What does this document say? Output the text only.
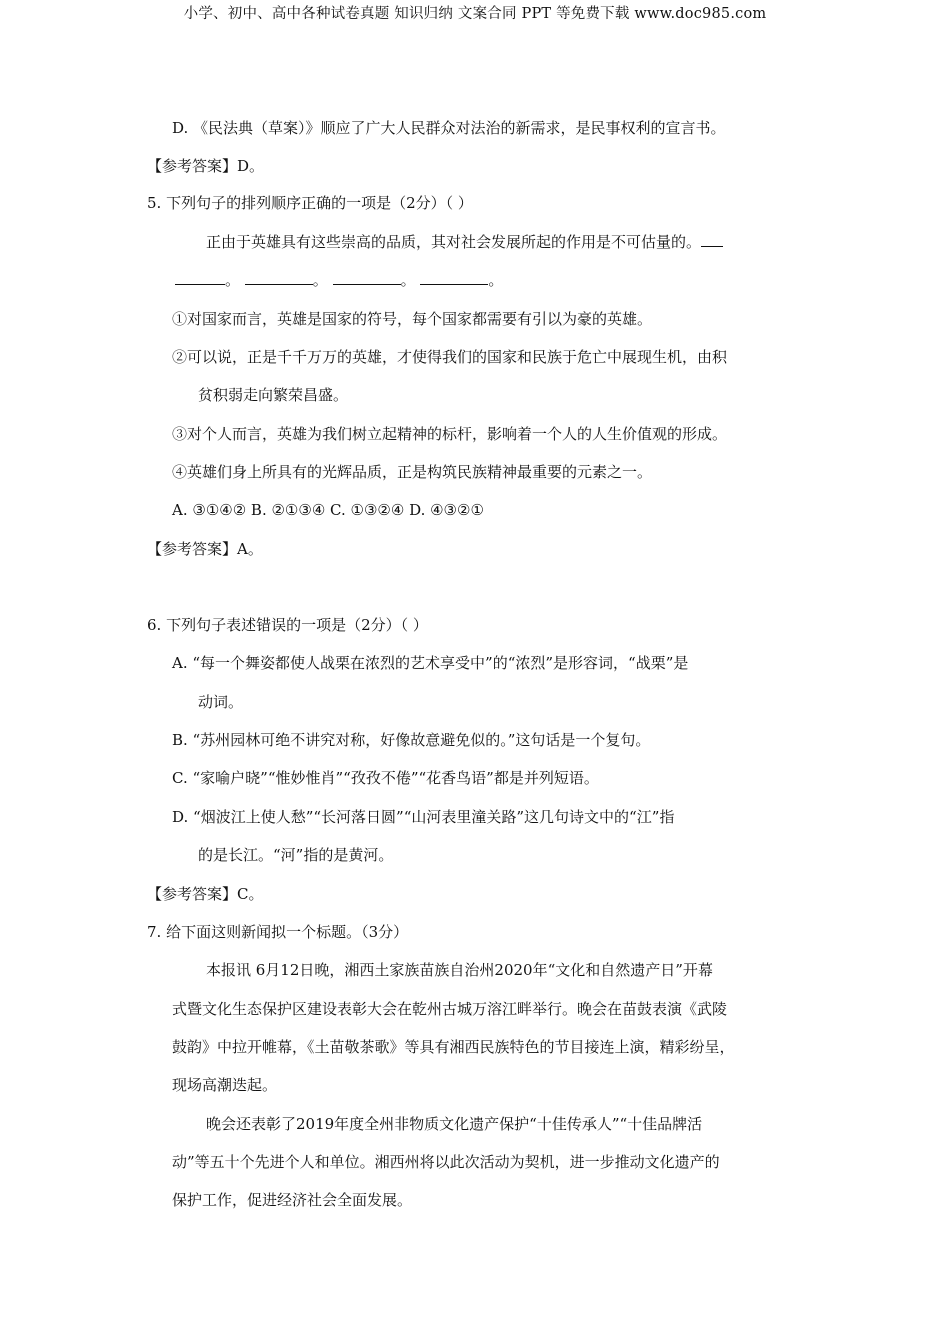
小学、初中、高中各种试卷真题 知识归纳 文案合同 PPT 等免费下载 www.doc985.com
D. 《民法典（草案）》顺应了广大人民群众对法治的新需求，是民事权利的宣言书。
【参考答案】D。
5. 下列句子的排列顺序正确的一项是（2分）（ ）
正由于英雄具有这些崇高的品质，其对社会发展所起的作用是不可估量的。
。	。	。	。
①对国家而言，英雄是国家的符号，每个国家都需要有引以为豪的英雄。
②可以说，正是千千万万的英雄，才使得我们的国家和民族于危亡中展现生机，由积
贫积弱走向繁荣昌盛。
③对个人而言，英雄为我们树立起精神的标杆，影响着一个人的人生价值观的形成。
④英雄们身上所具有的光辉品质，正是构筑民族精神最重要的元素之一。
A. ③①④② B. ②①③④ C. ①③②④ D. ④③②①
【参考答案】A。
6. 下列句子表述错误的一项是（2分）（ ）
A. “每一个舞姿都使人战栗在浓烈的艺术享受中”的“浓烈”是形容词，“战栗”是
动词。
B. “苏州园林可绝不讲究对称，好像故意避免似的。”这句话是一个复句。
C. “家喻户晓”“惟妙惟肖”“孜孜不倦”“花香鸟语”都是并列短语。
D. “烟波江上使人愁”“长河落日圆”“山河表里潼关路”这几句诗文中的“江”指
的是长江。“河”指的是黄河。
【参考答案】C。
7. 给下面这则新闻拟一个标题。（3分）
本报讯 6月12日晚，湘西土家族苗族自治州2020年“文化和自然遗产日”开幕
式暨文化生态保护区建设表彰大会在乾州古城万溶江畔举行。晚会在苗鼓表演《武陵
鼓韵》中拉开帷幕，《土苗敬茶歌》等具有湘西民族特色的节目接连上演，精彩纷呈，
现场高潮迭起。
晚会还表彰了2019年度全州非物质文化遗产保护“十佳传承人”“十佳品牌活
动”等五十个先进个人和单位。湘西州将以此次活动为契机，进一步推动文化遗产的
保护工作，促进经济社会全面发展。
